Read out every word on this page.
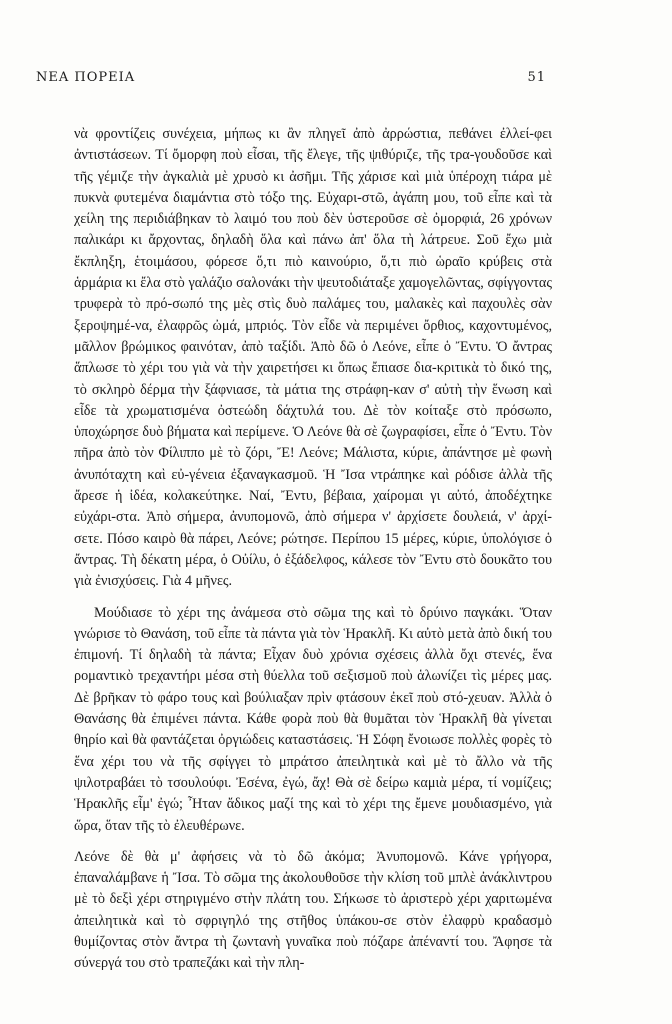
ΝΕΑ ΠΟΡΕΙΑ	51

νὰ φροντίζεις συνέχεια, μήπως κι ἂν πληγεῖ ἀπὸ ἀρρώστια, πεθάνει ἐλλεί-φει ἀντιστάσεων. Τί ὄμορφη ποὺ εἶσαι, τῆς ἔλεγε, τῆς ψιθύριζε, τῆς τρα-γουδοῦσε καὶ τῆς γέμιζε τὴν ἀγκαλιὰ μὲ χρυσὸ κι ἀσῆμι. Τῆς χάρισε καὶ μιὰ ὑπέροχη τιάρα μὲ πυκνὰ φυτεμένα διαμάντια στὸ τόξο της. Εὐχαρι-στῶ, ἀγάπη μου, τοῦ εἶπε καὶ τὰ χείλη της περιδιάβηκαν τὸ λαιμό του ποὺ δὲν ὑστεροῦσε σὲ ὀμορφιά, 26 χρόνων παλικάρι κι ἄρχοντας, δηλαδὴ ὅλα καὶ πάνω ἀπ' ὅλα τὴ λάτρευε. Σοῦ ἔχω μιὰ ἔκπληξη, ἑτοιμάσου, φόρεσε ὅ,τι πιὸ καινούριο, ὅ,τι πιὸ ὡραῖο κρύβεις στὰ ἁρμάρια κι ἔλα στὸ γαλάζιο σαλονάκι τὴν ψευτοδιάταξε χαμογελῶντας, σφίγγοντας τρυφερὰ τὸ πρό-σωπό της μὲς στὶς δυὸ παλάμες του, μαλακὲς καὶ παχουλὲς σὰν ξεροψημέ-να, ἐλαφρῶς ὠμά, μπριός. Τὸν εἶδε νὰ περιμένει ὄρθιος, καχοντυμένος, μᾶλλον βρώμικος φαινόταν, ἀπὸ ταξίδι. Ἀπὸ δῶ ὁ Λεόνε, εἶπε ὁ Ἔντυ. Ὁ ἄντρας ἅπλωσε τὸ χέρι του γιὰ νὰ τὴν χαιρετήσει κι ὅπως ἔπιασε δια-κριτικὰ τὸ δικό της, τὸ σκληρὸ δέρμα τὴν ξάφνιασε, τὰ μάτια της στράφη-καν σ' αὐτὴ τὴν ἕνωση καὶ εἶδε τὰ χρωματισμένα ὀστεώδη δάχτυλά του. Δὲ τὸν κοίταξε στὸ πρόσωπο, ὑποχώρησε δυὸ βήματα καὶ περίμενε. Ὁ Λεόνε θὰ σὲ ζωγραφίσει, εἶπε ὁ Ἔντυ. Τὸν πῆρα ἀπὸ τὸν Φίλιππο μὲ τὸ ζόρι, Ἔ! Λεόνε; Μάλιστα, κύριε, ἀπάντησε μὲ φωνὴ ἀνυπόταχτη καὶ εὐ-γένεια ἐξαναγκασμοῦ. Ἡ Ἴσα ντράπηκε καὶ ρόδισε ἀλλὰ τῆς ἄρεσε ἡ ἰδέα, κολακεύτηκε. Ναί, Ἔντυ, βέβαια, χαίρομαι γι αὐτό, ἀποδέχτηκε εὐχάρι-στα. Ἀπὸ σήμερα, ἀνυπομονῶ, ἀπὸ σήμερα ν' ἀρχίσετε δουλειά, ν' ἀρχί-σετε. Πόσο καιρὸ θὰ πάρει, Λεόνε; ρώτησε. Περίπου 15 μέρες, κύριε, ὑπολόγισε ὁ ἄντρας. Τὴ δέκατη μέρα, ὁ Οὐίλυ, ὁ ἐξάδελφος, κάλεσε τὸν Ἔντυ στὸ δουκᾶτο του γιὰ ἐνισχύσεις. Γιὰ 4 μῆνες.

Μούδιασε τὸ χέρι της ἀνάμεσα στὸ σῶμα της καὶ τὸ δρύινο παγκάκι. Ὅταν γνώρισε τὸ Θανάση, τοῦ εἶπε τὰ πάντα γιὰ τὸν Ἡρακλῆ. Κι αὐτὸ μετὰ ἀπὸ δική του ἐπιμονή. Τί δηλαδὴ τὰ πάντα; Εἶχαν δυὸ χρόνια σχέσεις ἀλλὰ ὄχι στενές, ἕνα ρομαντικὸ τρεχαντήρι μέσα στὴ θύελλα τοῦ σεξισμοῦ ποὺ ἁλωνίζει τὶς μέρες μας. Δὲ βρῆκαν τὸ φάρο τους καὶ βούλιαξαν πρὶν φτάσουν ἐκεῖ ποὺ στό-χευαν. Ἀλλὰ ὁ Θανάσης θὰ ἐπιμένει πάντα. Κάθε φορὰ ποὺ θὰ θυμᾶται τὸν Ἡρακλῆ θὰ γίνεται θηρίο καὶ θὰ φαντάζεται ὀργιώδεις καταστάσεις. Ἡ Σόφη ἔνοιωσε πολλὲς φορὲς τὸ ἕνα χέρι του νὰ τῆς σφίγγει τὸ μπράτσο ἀπειλητικὰ καὶ μὲ τὸ ἄλλο νὰ τῆς ψιλοτραβάει τὸ τσουλούφι. Ἐσένα, ἐγώ, ἄχ! Θὰ σὲ δείρω καμιὰ μέρα, τί νομίζεις; Ἡρακλῆς εἶμ' ἐγώ; Ἦταν ἄδικος μαζί της καὶ τὸ χέρι της ἔμενε μουδιασμένο, γιὰ ὥρα, ὅταν τῆς τὸ ἐλευθέρωνε.

Λεόνε δὲ θὰ μ' ἀφήσεις νὰ τὸ δῶ ἀκόμα; Ἀνυπομονῶ. Κάνε γρήγορα, ἐπαναλάμβανε ἡ Ἴσα. Τὸ σῶμα της ἀκολουθοῦσε τὴν κλίση τοῦ μπλὲ ἀνάκλιντρου μὲ τὸ δεξὶ χέρι στηριγμένο στὴν πλάτη του. Σήκωσε τὸ ἀριστερὸ χέρι χαριτωμένα ἀπειλητικὰ καὶ τὸ σφριγηλό της στῆθος ὑπάκου-σε στὸν ἐλαφρὺ κραδασμὸ θυμίζοντας στὸν ἄντρα τὴ ζωντανὴ γυναῖκα ποὺ πόζαρε ἀπέναντί του. Ἄφησε τὰ σύνεργά του στὸ τραπεζάκι καὶ τὴν πλη-
